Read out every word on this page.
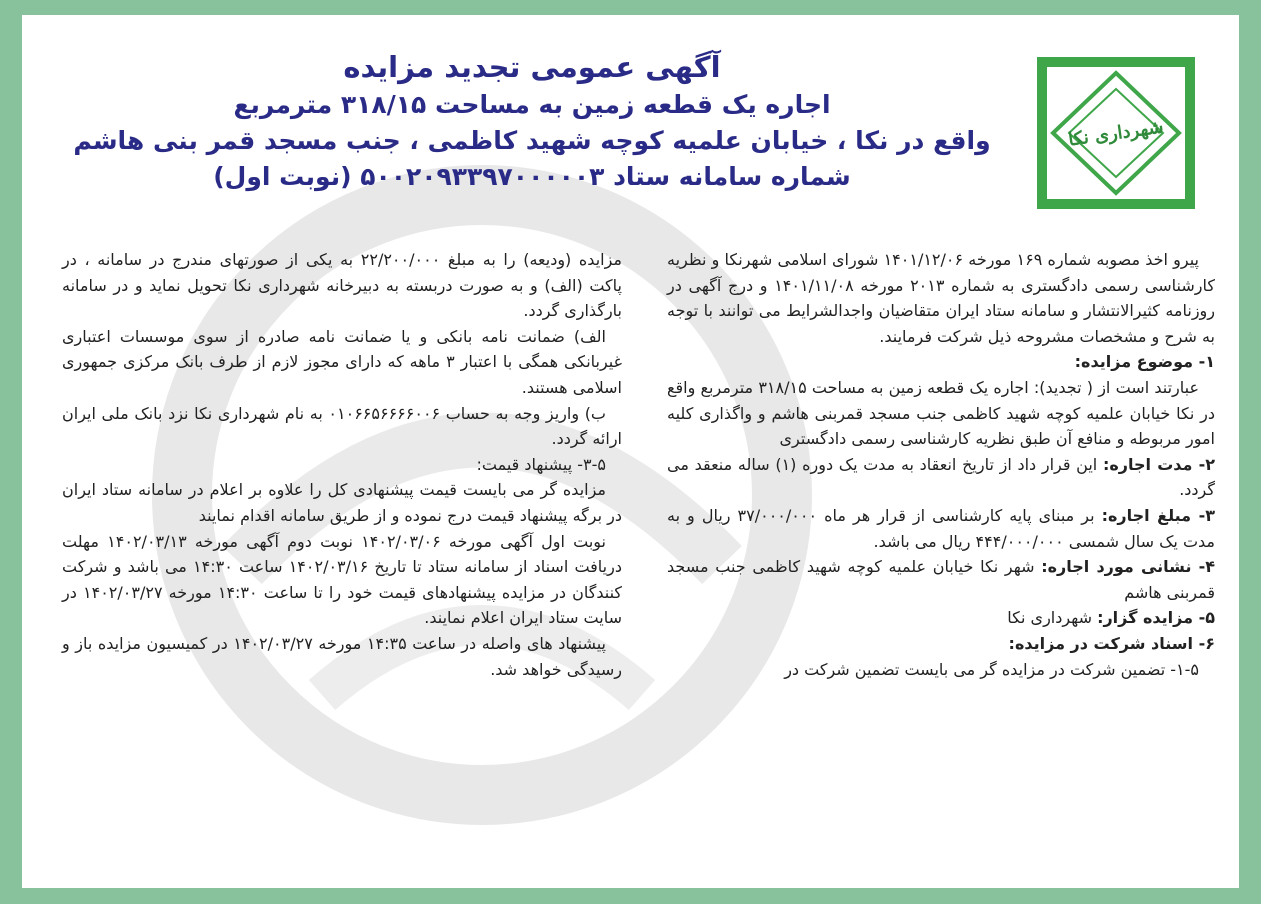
شهرداری نکا
آگهی عمومی تجدید مزایده
اجاره یک قطعه زمین به مساحت ۳۱۸/۱۵ مترمربع
واقع در نکا ، خیابان علمیه کوچه شهید کاظمی ، جنب مسجد قمر بنی هاشم
شماره سامانه ستاد ۵۰۰۲۰۹۳۳۹۷۰۰۰۰۰۳ (نوبت اول)

پیرو اخذ مصوبه شماره ۱۶۹ مورخه ۱۴۰۱/۱۲/۰۶ شورای اسلامی شهرنکا و نظریه کارشناسی رسمی دادگستری به شماره ۲۰۱۳ مورخه ۱۴۰۱/۱۱/۰۸ و درج آگهی در روزنامه کثیرالانتشار و سامانه ستاد ایران متقاضیان واجدالشرایط می توانند با توجه به شرح و مشخصات مشروحه ذیل شرکت فرمایند.

۱- موضوع مزایده:

عبارتند است از ( تجدید): اجاره یک قطعه زمین به مساحت ۳۱۸/۱۵ مترمربع واقع در نکا خیابان علمیه کوچه شهید کاظمی جنب مسجد قمربنی هاشم و واگذاری کلیه امور مربوطه و منافع آن طبق نظریه کارشناسی رسمی دادگستری

۲- مدت اجاره: این قرار داد از تاریخ انعقاد به مدت یک دوره (۱) ساله منعقد می گردد.

۳- مبلغ اجاره: بر مبنای پایه کارشناسی از قرار هر ماه ۳۷/۰۰۰/۰۰۰ ریال و به مدت یک سال شمسی ۴۴۴/۰۰۰/۰۰۰ ریال می باشد.

۴- نشانی مورد اجاره: شهر نکا خیابان علمیه کوچه شهید کاظمی جنب مسجد قمربنی هاشم

۵- مزایده گزار: شهرداری نکا

۶- اسناد شرکت در مزایده:

۱-۵- تضمین شرکت در مزایده گر می بایست تضمین شرکت در

مزایده (ودیعه) را به مبلغ ۲۲/۲۰۰/۰۰۰ به یکی از صورتهای مندرج در سامانه ، در پاکت (الف) و به صورت دربسته به دبیرخانه شهرداری نکا تحویل نماید و در سامانه بارگذاری گردد.

الف) ضمانت نامه بانکی و یا ضمانت نامه صادره از سوی موسسات اعتباری غیربانکی همگی با اعتبار ۳ ماهه که دارای مجوز لازم از طرف بانک مرکزی جمهوری اسلامی هستند.

ب) واریز وجه به حساب ۰۱۰۶۶۵۶۶۶۶۰۰۶ به نام شهرداری نکا نزد بانک ملی ایران ارائه گردد.

۳-۵- پیشنهاد قیمت:

مزایده گر می بایست قیمت پیشنهادی کل را علاوه بر اعلام در سامانه ستاد ایران در برگه پیشنهاد قیمت درج نموده و از طریق سامانه اقدام نمایند

نوبت اول آگهی مورخه ۱۴۰۲/۰۳/۰۶ نوبت دوم آگهی مورخه ۱۴۰۲/۰۳/۱۳ مهلت دریافت اسناد از سامانه ستاد تا تاریخ ۱۴۰۲/۰۳/۱۶ ساعت ۱۴:۳۰ می باشد و شرکت کنندگان در مزایده پیشنهادهای قیمت خود را تا ساعت ۱۴:۳۰ مورخه ۱۴۰۲/۰۳/۲۷ در سایت ستاد ایران اعلام نمایند.

پیشنهاد های واصله در ساعت ۱۴:۳۵ مورخه ۱۴۰۲/۰۳/۲۷ در کمیسیون مزایده باز و رسیدگی خواهد شد.
